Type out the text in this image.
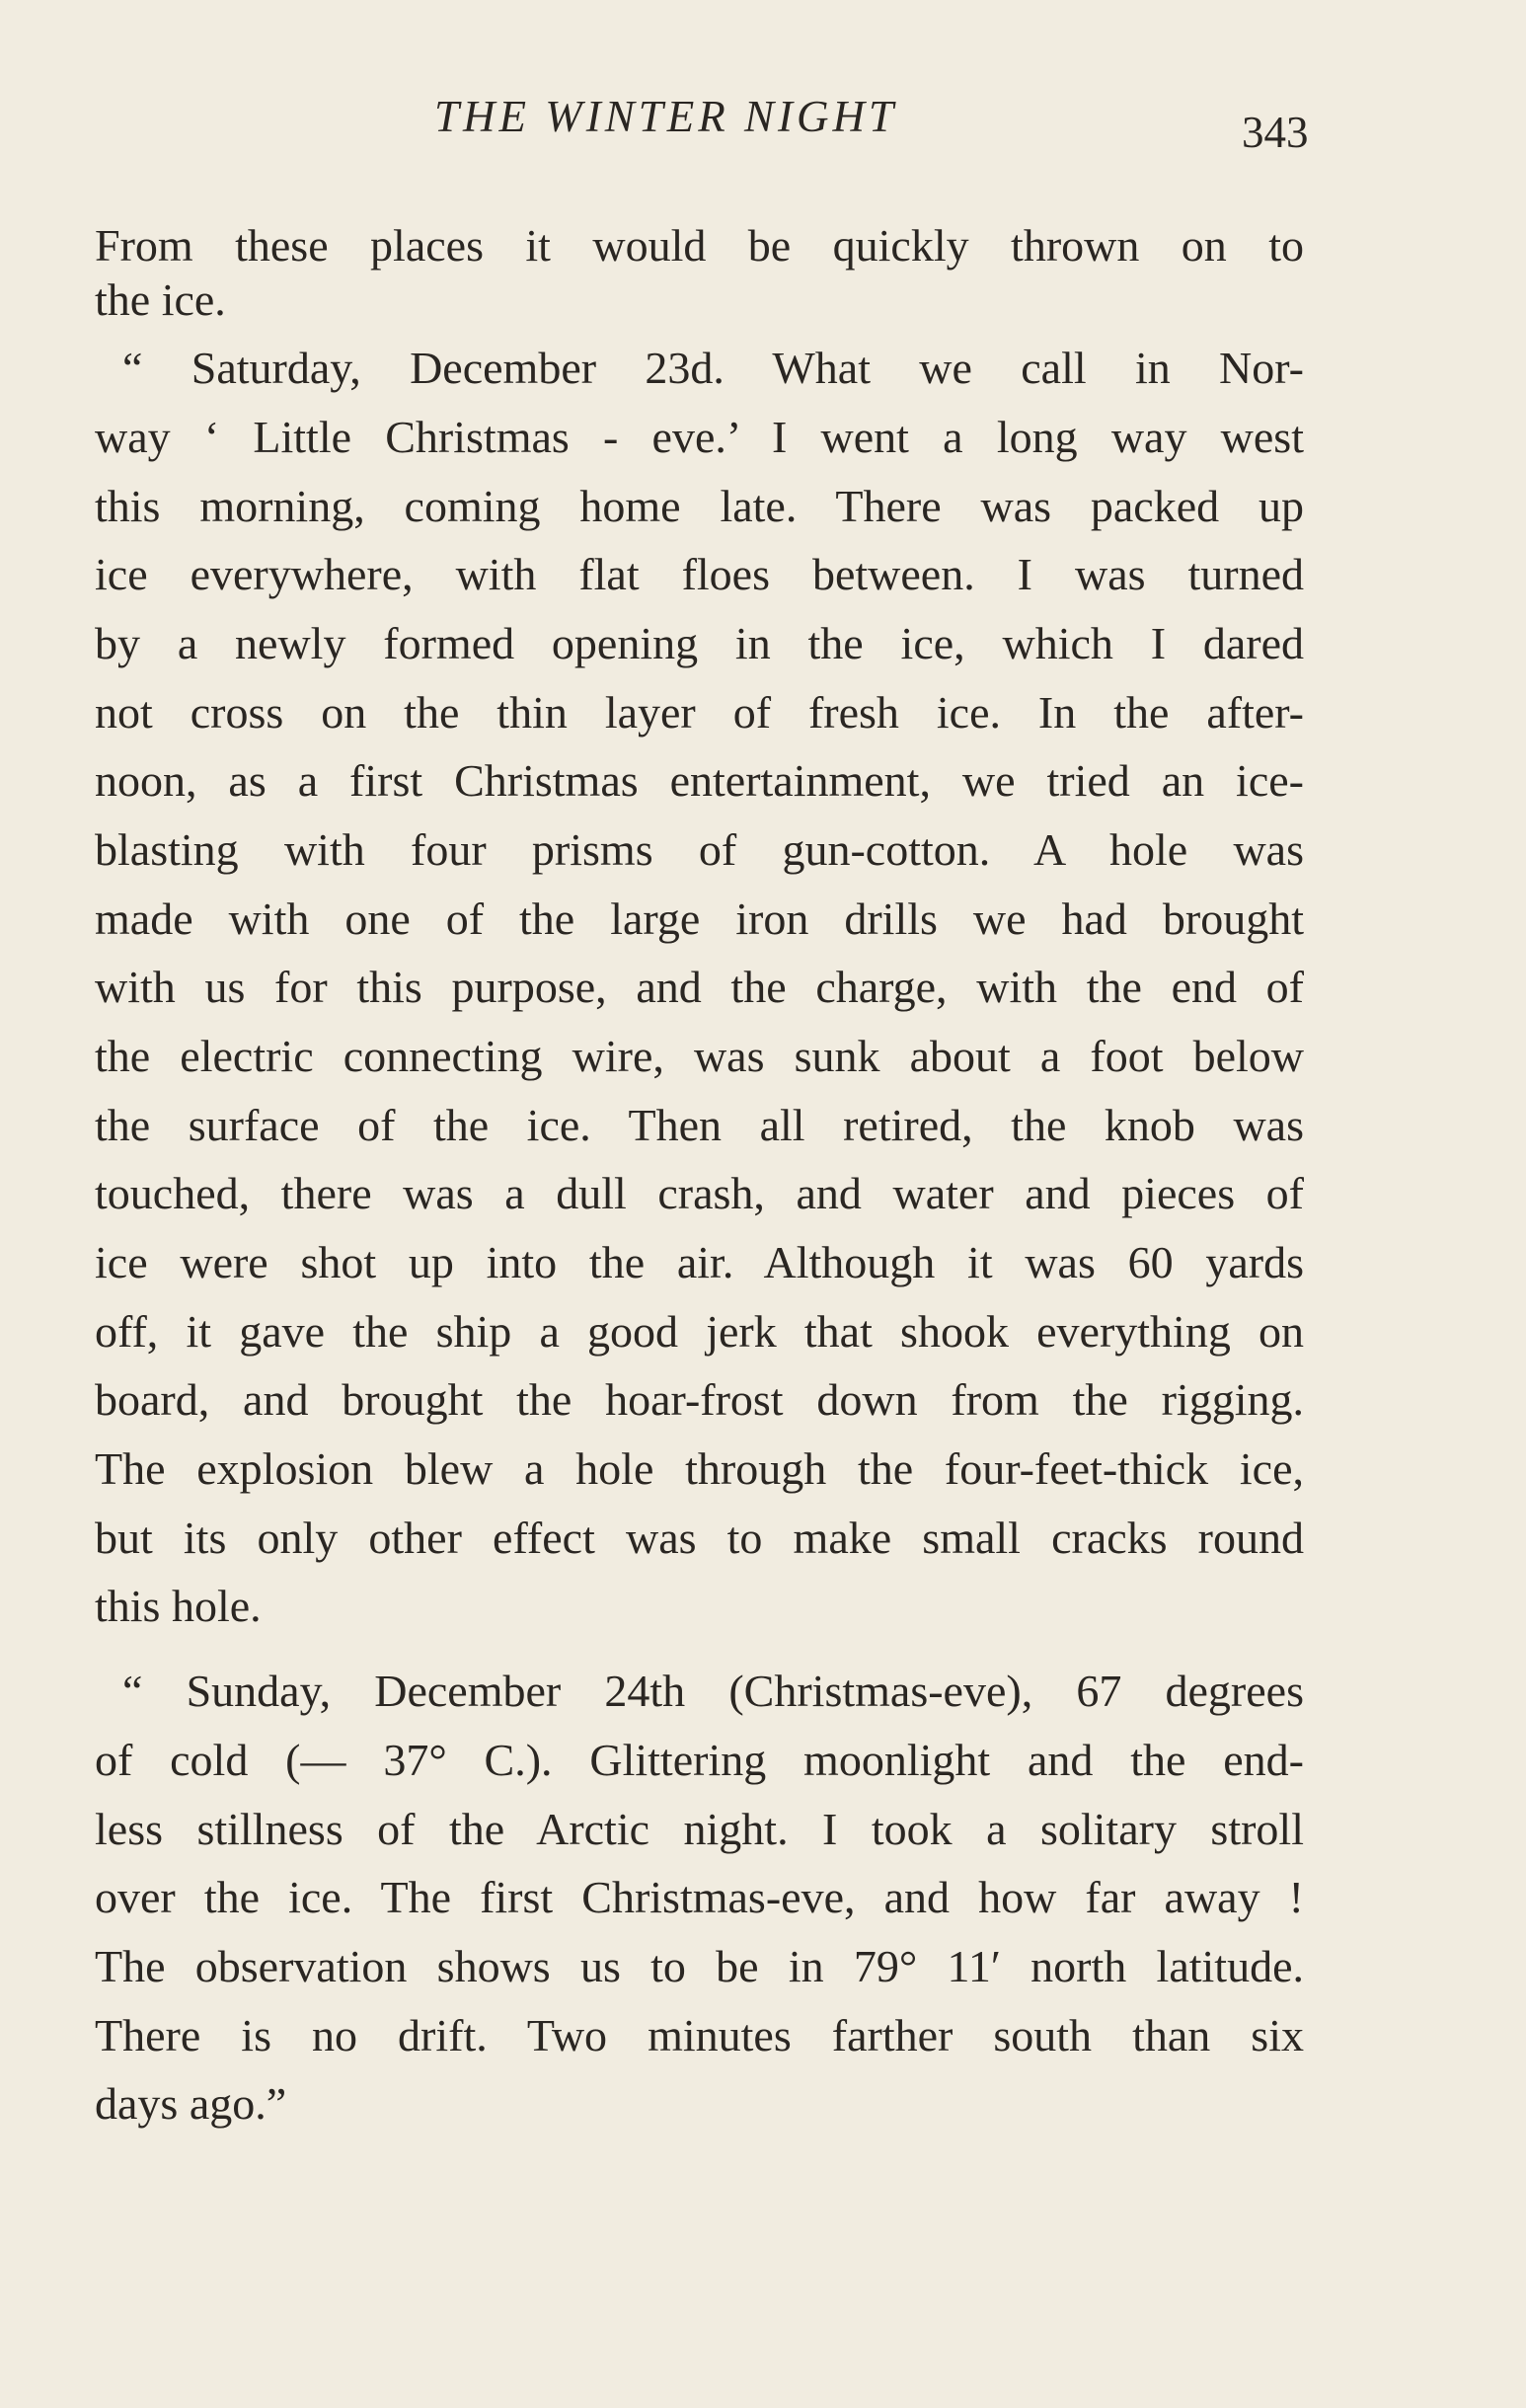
THE WINTER NIGHT	343
From these places it would be quickly thrown on to
the ice.
“ Saturday, December 23d. What we call in Nor-
way ‘ Little Christmas - eve.’ I went a long way west
this morning, coming home late. There was packed up
ice everywhere, with flat floes between. I was turned
by a newly formed opening in the ice, which I dared
not cross on the thin layer of fresh ice. In the after-
noon, as a first Christmas entertainment, we tried an ice-
blasting with four prisms of gun-cotton. A hole was
made with one of the large iron drills we had brought
with us for this purpose, and the charge, with the end of
the electric connecting wire, was sunk about a foot below
the surface of the ice. Then all retired, the knob was
touched, there was a dull crash, and water and pieces of
ice were shot up into the air. Although it was 60 yards
off, it gave the ship a good jerk that shook everything on
board, and brought the hoar-frost down from the rigging.
The explosion blew a hole through the four-feet-thick ice,
but its only other effect was to make small cracks round
this hole.
“ Sunday, December 24th (Christmas-eve), 67 degrees
of cold (— 37° C.). Glittering moonlight and the end-
less stillness of the Arctic night. I took a solitary stroll
over the ice. The first Christmas-eve, and how far away !
The observation shows us to be in 79° 11′ north latitude.
There is no drift. Two minutes farther south than six
days ago.”
